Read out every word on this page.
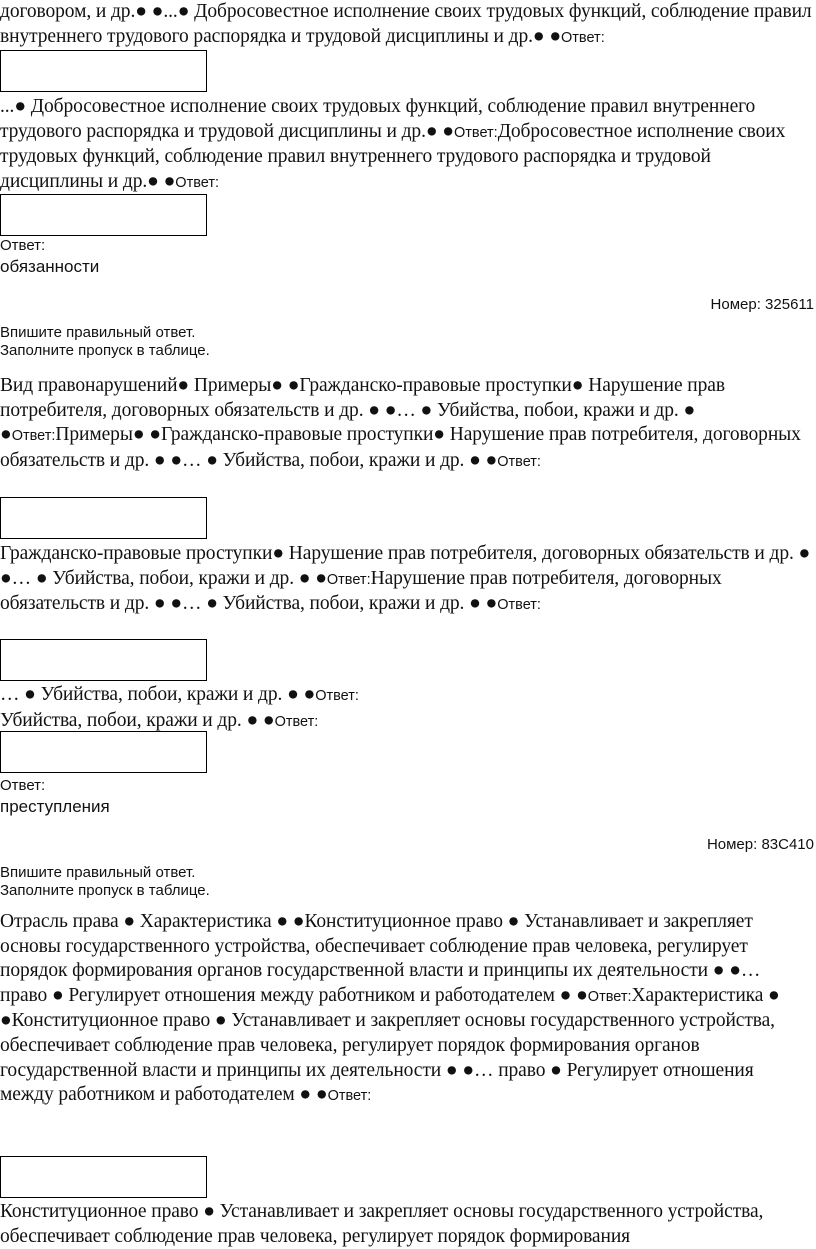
договором, и др.● ●...● Добросовестное исполнение своих трудовых функций, соблюдение правил внутреннего трудового распорядка и трудовой дисциплины и др.● ●Ответ:
...● Добросовестное исполнение своих трудовых функций, соблюдение правил внутреннего трудового распорядка и трудовой дисциплины и др.● ●Ответ:Добросовестное исполнение своих трудовых функций, соблюдение правил внутреннего трудового распорядка и трудовой дисциплины и др.● ●Ответ:
Ответ:
обязанности
Номер: 325611
Впишите правильный ответ.
Заполните пропуск в таблице.
Вид правонарушений● Примеры● ●Гражданско-правовые проступки● Нарушение прав потребителя, договорных обязательств и др. ● ●… ● Убийства, побои, кражи и др. ● ●Ответ:Примеры● ●Гражданско-правовые проступки● Нарушение прав потребителя, договорных обязательств и др. ● ●… ● Убийства, побои, кражи и др. ● ●Ответ:
Гражданско-правовые проступки● Нарушение прав потребителя, договорных обязательств и др. ● ●… ● Убийства, побои, кражи и др. ● ●Ответ:Нарушение прав потребителя, договорных обязательств и др. ● ●… ● Убийства, побои, кражи и др. ● ●Ответ:
… ● Убийства, побои, кражи и др. ● ●Ответ:
Убийства, побои, кражи и др. ● ●Ответ:
Ответ:
преступления
Номер: 83C410
Впишите правильный ответ.
Заполните пропуск в таблице.
Отрасль права ● Характеристика ● ●Конституционное право ● Устанавливает и закрепляет основы государственного устройства, обеспечивает соблюдение прав человека, регулирует порядок формирования органов государственной власти и принципы их деятельности ● ●… право ● Регулирует отношения между работником и работодателем ● ●Ответ:Характеристика ● ●Конституционное право ● Устанавливает и закрепляет основы государственного устройства, обеспечивает соблюдение прав человека, регулирует порядок формирования органов государственной власти и принципы их деятельности ● ●… право ● Регулирует отношения между работником и работодателем ● ●Ответ:
Конституционное право ● Устанавливает и закрепляет основы государственного устройства, обеспечивает соблюдение прав человека, регулирует порядок формирования
